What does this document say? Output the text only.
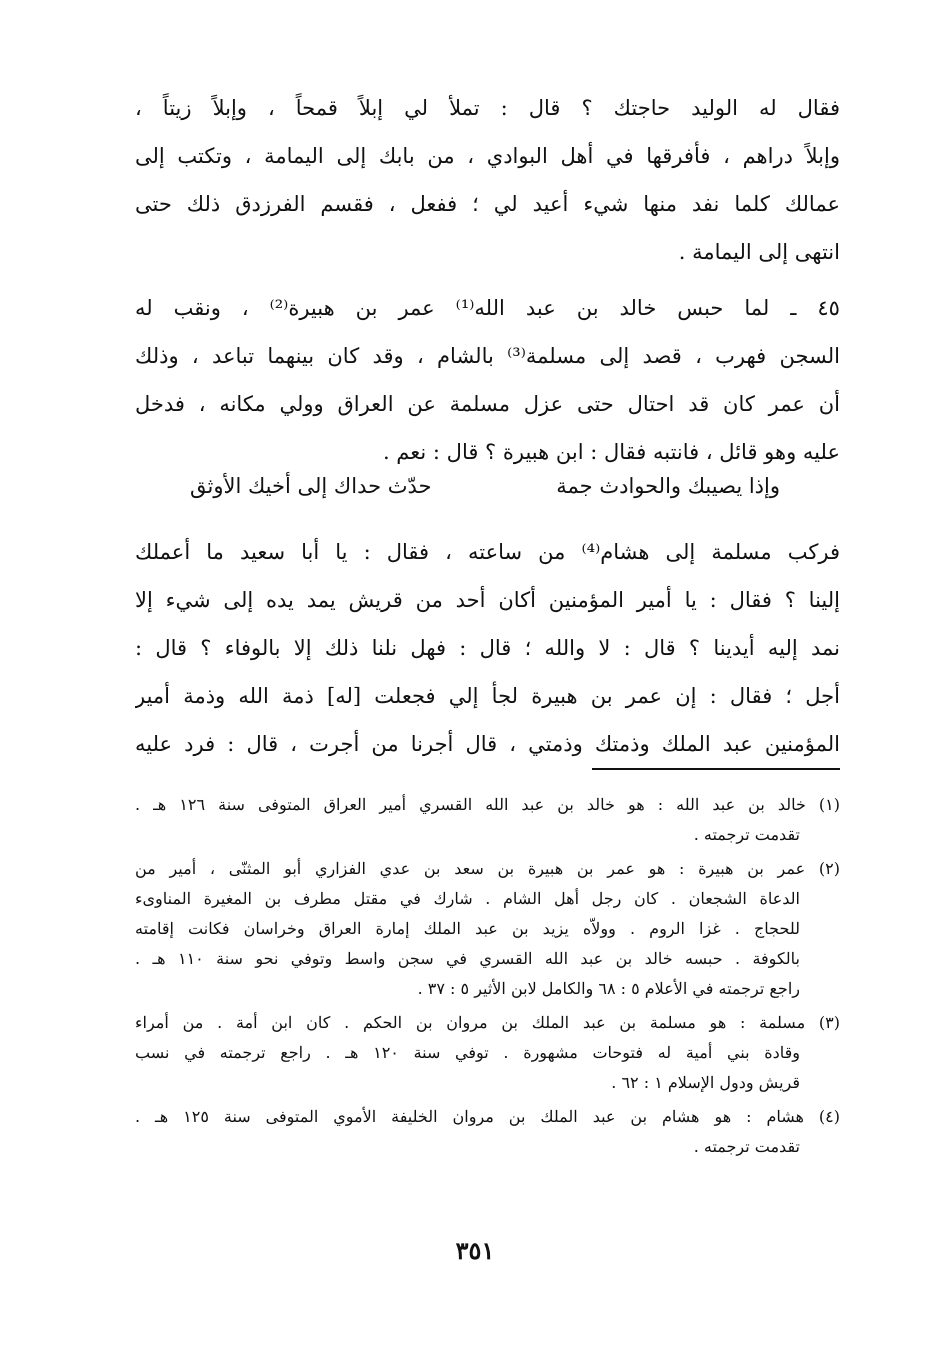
فقال له الوليد حاجتك ؟ قال : تملأ لي إبلاً قمحاً ، وإبلاً زيتاً ،
وإبلاً دراهم ، فأفرقها في أهل البوادي ، من بابك إلى اليمامة ، وتكتب إلى
عمالك كلما نفد منها شيء أعيد لي ؛ ففعل ، فقسم الفرزدق ذلك حتى
انتهى إلى اليمامة .
٤٥ ـ لما حبس خالد بن عبد الله⁽¹⁾ عمر بن هبيرة⁽²⁾ ، ونقب له
السجن فهرب ، قصد إلى مسلمة⁽³⁾ بالشام ، وقد كان بينهما تباعد ، وذلك
أن عمر كان قد احتال حتى عزل مسلمة عن العراق وولي مكانه ، فدخل
عليه وهو قائل ، فانتبه فقال : ابن هبيرة ؟ قال : نعم .
وإذا يصيبك والحوادث جمة
حدّث حداك إلى أخيك الأوثق
فركب مسلمة إلى هشام⁽⁴⁾ من ساعته ، فقال : يا أبا سعيد ما أعملك
إلينا ؟ فقال : يا أمير المؤمنين أكان أحد من قريش يمد يده إلى شيء إلا
نمد إليه أيدينا ؟ قال : لا والله ؛ قال : فهل نلنا ذلك إلا بالوفاء ؟ قال :
أجل ؛ فقال : إن عمر بن هبيرة لجأ إلي فجعلت [له] ذمة الله وذمة أمير
المؤمنين عبد الملك وذمتك وذمتي ، قال أجرنا من أجرت ، قال : فرد عليه
(١) خالد بن عبد الله : هو خالد بن عبد الله القسري أمير العراق المتوفى سنة ١٢٦ هـ .
تقدمت ترجمته .
(٢) عمر بن هبيرة : هو عمر بن هبيرة بن سعد بن عدي الفزاري أبو المثنّى ، أمير من
الدعاة الشجعان . كان رجل أهل الشام . شارك في مقتل مطرف بن المغيرة المناوىء
للحجاج . غزا الروم . وولاّه يزيد بن عبد الملك إمارة العراق وخراسان فكانت إقامته
بالكوفة . حبسه خالد بن عبد الله القسري في سجن واسط وتوفي نحو سنة ١١٠ هـ .
راجع ترجمته في الأعلام ٥ : ٦٨ والكامل لابن الأثير ٥ : ٣٧ .
(٣) مسلمة : هو مسلمة بن عبد الملك بن مروان بن الحكم . كان ابن أمة . من أمراء
وقادة بني أمية له فتوحات مشهورة . توفي سنة ١٢٠ هـ . راجع ترجمته في نسب
قريش ودول الإسلام ١ : ٦٢ .
(٤) هشام : هو هشام بن عبد الملك بن مروان الخليفة الأموي المتوفى سنة ١٢٥ هـ .
تقدمت ترجمته .
٣٥١
